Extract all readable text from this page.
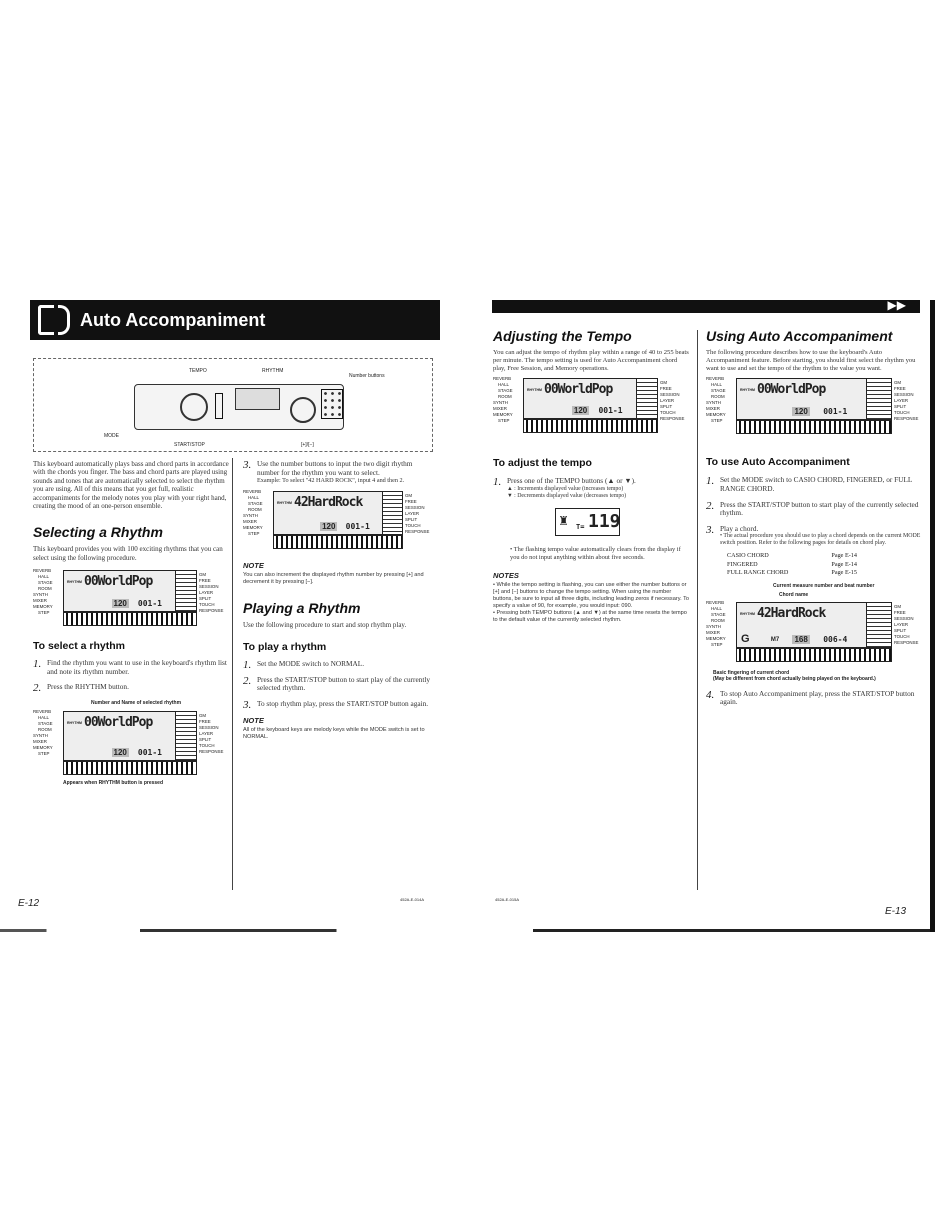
Auto Accompaniment
▶▶
TEMPO	RHYTHM
Number buttons
MODE
START/STOP	[+]/[−]
This keyboard automatically plays bass and chord parts in accordance with the chords you finger. The bass and chord parts are played using sounds and tones that are automatically selected to select the rhythm you are using. All of this means that you get full, realistic accompaniments for the melody notes you play with your right hand, creating the mood of an one-person ensemble.
Selecting a Rhythm
This keyboard provides you with 100 exciting rhythms that you can select using the following procedure.
REVERB
HALL
STAGE
ROOM
SYNTH
MIXER
MEMORY
STEP
RHYTHM 00WorldPop
120 001-1
GM
FREE
SESSION
LAYER
SPLIT
TOUCH
RESPONSE
To select a rhythm
1. Find the rhythm you want to use in the keyboard's rhythm list and note its rhythm number.
2. Press the RHYTHM button.
Number and Name of selected rhythm
REVERB
HALL
STAGE
ROOM
SYNTH
MIXER
MEMORY
STEP
RHYTHM 00WorldPop
120 001-1
GM
FREE
SESSION
LAYER
SPLIT
TOUCH
RESPONSE
Appears when RHYTHM button is pressed
E-12
3. Use the number buttons to input the two digit rhythm number for the rhythm you want to select.
Example: To select "42 HARD ROCK", input 4 and then 2.
REVERB
HALL
STAGE
ROOM
SYNTH
MIXER
MEMORY
STEP
RHYTHM 42HardRock
120 001-1
GM
FREE
SESSION
LAYER
SPLIT
TOUCH
RESPONSE
NOTE
You can also increment the displayed rhythm number by pressing [+] and decrement it by pressing [−].
Playing a Rhythm
Use the following procedure to start and stop rhythm play.
To play a rhythm
1. Set the MODE switch to NORMAL.
2. Press the START/STOP button to start play of the currently selected rhythm.
3. To stop rhythm play, press the START/STOP button again.
NOTE
All of the keyboard keys are melody keys while the MODE switch is set to NORMAL.
452A-E-014A
Adjusting the Tempo
You can adjust the tempo of rhythm play within a range of 40 to 255 beats per minute. The tempo setting is used for Auto Accompaniment chord play, Free Session, and Memory operations.
REVERB
HALL
STAGE
ROOM
SYNTH
MIXER
MEMORY
STEP
RHYTHM 00WorldPop
120 001-1
GM
FREE
SESSION
LAYER
SPLIT
TOUCH
RESPONSE
To adjust the tempo
1. Press one of the TEMPO buttons (▲ or ▼).
▲ : Increments displayed value (increases tempo)
▼ : Decrements displayed value (decreases tempo)
♜ T= 119
• The flashing tempo value automatically clears from the display if you do not input anything within about five seconds.
NOTES
• While the tempo setting is flashing, you can use either the number buttons or [+] and [−] buttons to change the tempo setting. When using the number buttons, be sure to input all three digits, including leading zeros if necessary. To specify a value of 90, for example, you would input: 090.
• Pressing both TEMPO buttons (▲ and ▼) at the same time resets the tempo to the default value of the currently selected rhythm.
452A-E-015A
Using Auto Accompaniment
The following procedure describes how to use the keyboard's Auto Accompaniment feature. Before starting, you should first select the rhythm you want to use and set the tempo of the rhythm to the value you want.
REVERB
HALL
STAGE
ROOM
SYNTH
MIXER
MEMORY
STEP
RHYTHM 00WorldPop
120 001-1
GM
FREE
SESSION
LAYER
SPLIT
TOUCH
RESPONSE
To use Auto Accompaniment
1. Set the MODE switch to CASIO CHORD, FINGERED, or FULL RANGE CHORD.
2. Press the START/STOP button to start play of the currently selected rhythm.
3. Play a chord.
• The actual procedure you should use to play a chord depends on the current MODE switch position. Refer to the following pages for details on chord play.
CASIO CHORD	Page E-14
FINGERED	Page E-14
FULL RANGE CHORD	Page E-15
Current measure number and beat number
Chord name
REVERB
HALL
STAGE
ROOM
SYNTH
MIXER
MEMORY
STEP
RHYTHM 42HardRock
168 006-4
G	M7
GM
FREE
SESSION
LAYER
SPLIT
TOUCH
RESPONSE
Basic fingering of current chord
(May be different from chord actually being played on the keyboard.)
4. To stop Auto Accompaniment play, press the START/STOP button again.
E-13
